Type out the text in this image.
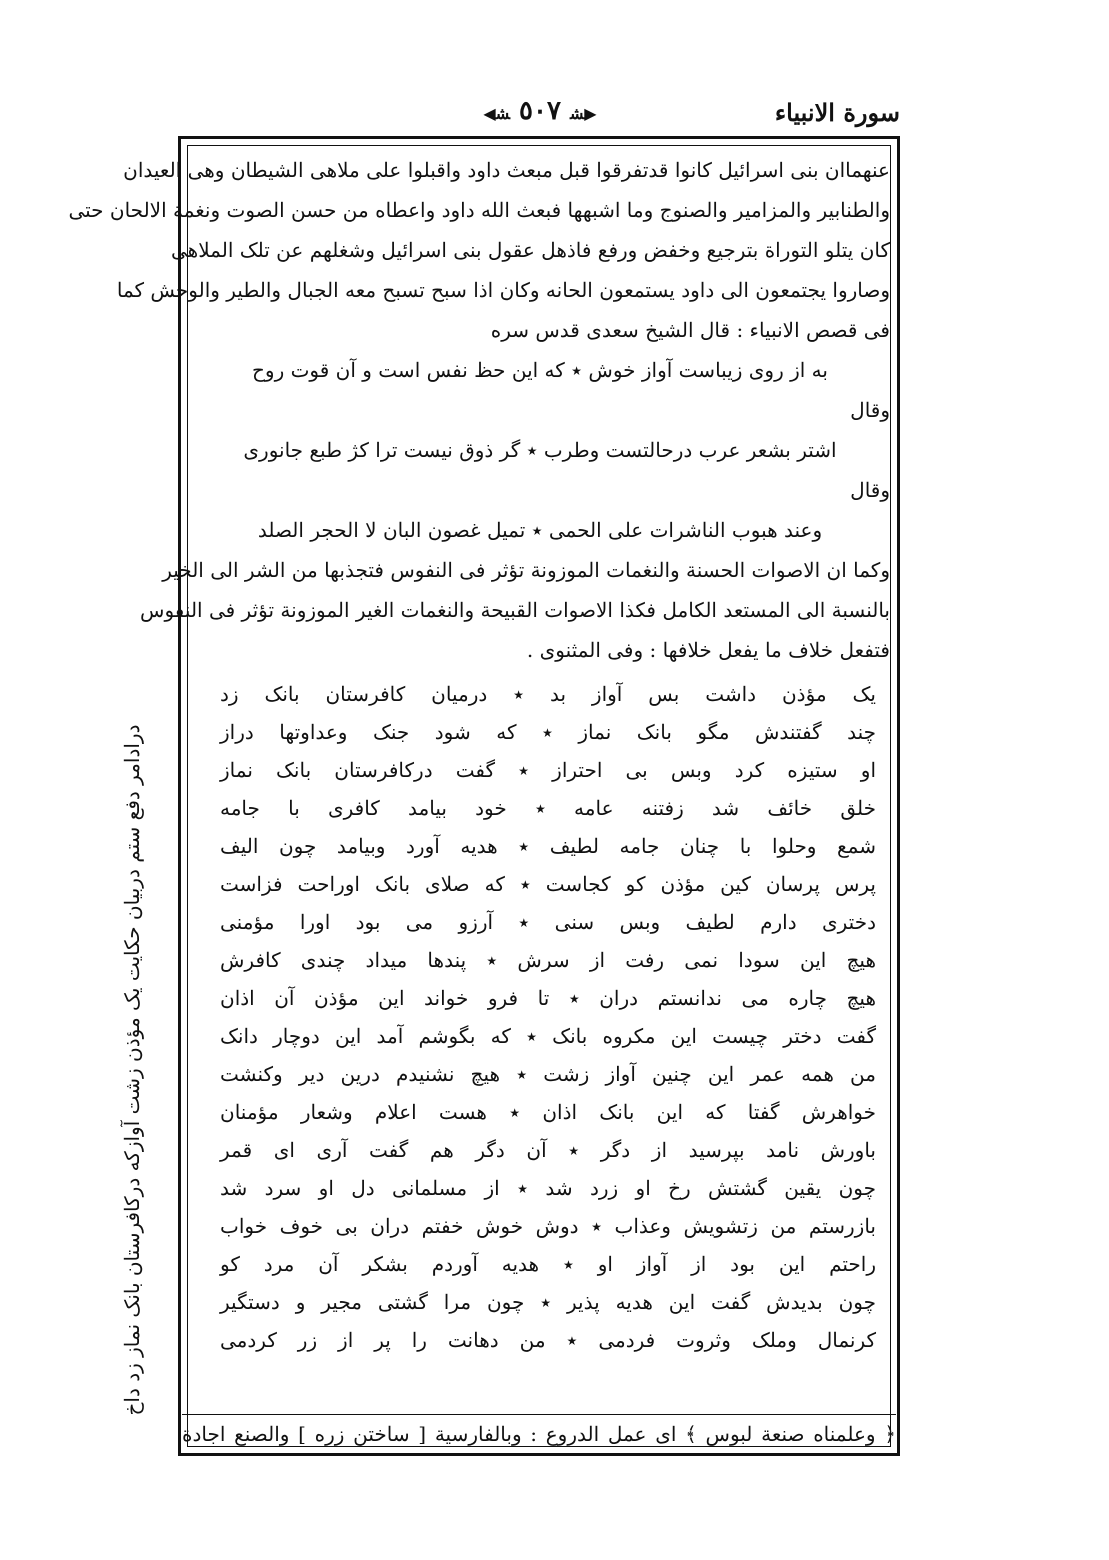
سورة الانبياء
◀ﺸ ٥٠٧ ﺸ▶
عنهماان بنی اسرائیل کانوا قدتفرقوا قبل مبعث داود واقبلوا علی ملاهی الشیطان وهی العیدان
والطنابیر والمزامیر والصنوج وما اشبهها فبعث الله داود واعطاه من حسن الصوت ونغمة الالحان حتی
کان یتلو التوراة بترجیع وخفض ورفع فاذهل عقول بنی اسرائیل وشغلهم عن تلک الملاهی
وصاروا یجتمعون الی داود یستمعون الحانه وکان اذا سبح تسبح معه الجبال والطیر والوحش کما
فی قصص الانبیاء : قال الشیخ سعدی قدس سره
به از روی زیباست آواز خوش ٭ که این حظ نفس است و آن قوت روح
وقال
اشتر بشعر عرب درحالتست وطرب ٭ گر ذوق نیست ترا کژ طبع جانوری
وقال
وعند هبوب الناشرات علی الحمی ٭ تمیل غصون البان لا الحجر الصلد
وکما ان الاصوات الحسنة والنغمات الموزونة تؤثر فی النفوس فتجذبها من الشر الی الخیر
بالنسبة الی المستعد الکامل فکذا الاصوات القبیحة والنغمات الغیر الموزونة تؤثر فی النفوس
فتفعل خلاف ما یفعل خلافها : وفی المثنوی .
یک مؤذن داشت بس آواز بد ٭ درمیان کافرستان بانک زد
چند گفتندش مگو بانک نماز ٭ که شود جنک وعداوتها دراز
او ستیزه کرد وبس بی احتراز ٭ گفت درکافرستان بانک نماز
خلق خائف شد زفتنه عامه ٭ خود بیامد کافری با جامه
شمع وحلوا با چنان جامه لطیف ٭ هدیه آورد وبیامد چون الیف
پرس پرسان کین مؤذن کو کجاست ٭ که صلای بانک اوراحت فزاست
دختری دارم لطیف وبس سنی ٭ آرزو می بود اورا مؤمنی
هیچ این سودا نمی رفت از سرش ٭ پندها میداد چندی کافرش
هیچ چاره می ندانستم دران ٭ تا فرو خواند این مؤذن آن اذان
گفت دختر چیست این مکروه بانک ٭ که بگوشم آمد این دوچار دانک
من همه عمر این چنین آواز زشت ٭ هیچ نشنیدم درین دیر وکنشت
خواهرش گفتا که این بانک اذان ٭ هست اعلام وشعار مؤمنان
باورش نامد بپرسید از دگر ٭ آن دگر هم گفت آری ای قمر
چون یقین گشتش رخ او زرد شد ٭ از مسلمانی دل او سرد شد
بازرستم من زتشویش وعذاب ٭ دوش خوش خفتم دران بی خوف خواب
راحتم این بود از آواز او ٭ هدیه آوردم بشکر آن مرد کو
چون بدیدش گفت این هدیه پذیر ٭ چون مرا گشتی مجیر و دستگیر
کرنمال وملک وثروت فردمی ٭ من دهانت را پر از زر کردمی
﴿ وعلمناه صنعة لبوس ﴾ ای عمل الدروع : وبالفارسیة [ ساختن زره ] والصنع اجادة
درادامر دفع ستم دربیان حکایت یک مؤذن زشت آوازکه درکافرستان بانک نماز زد داخ
